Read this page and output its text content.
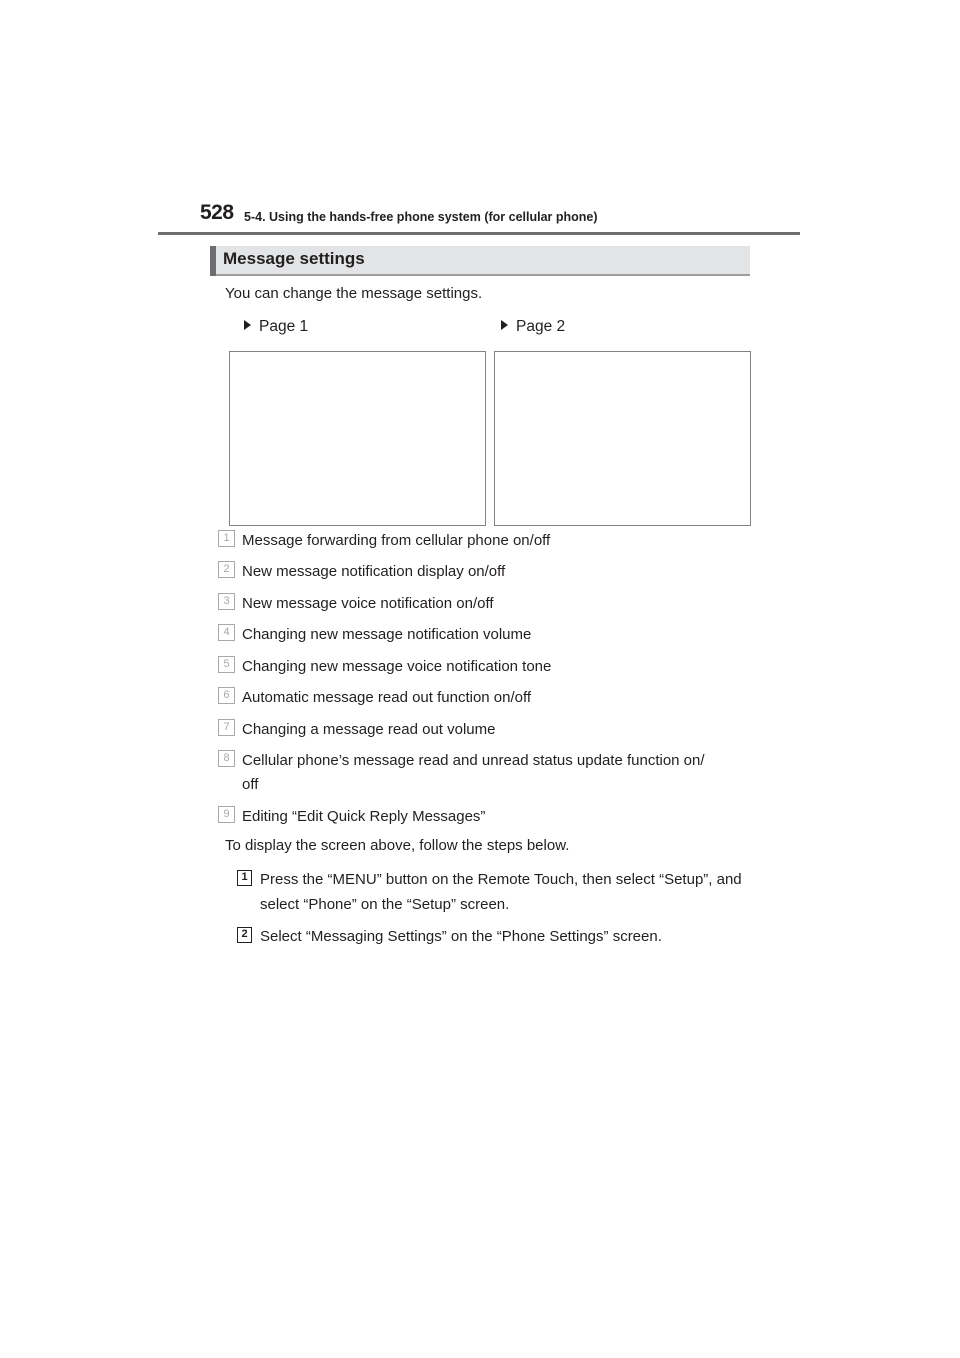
528 5-4. Using the hands-free phone system (for cellular phone)
Message settings
You can change the message settings.
Page 1	Page 2
1 Message forwarding from cellular phone on/off
2 New message notification display on/off
3 New message voice notification on/off
4 Changing new message notification volume
5 Changing new message voice notification tone
6 Automatic message read out function on/off
7 Changing a message read out volume
8 Cellular phone’s message read and unread status update function on/
off
9 Editing “Edit Quick Reply Messages”
To display the screen above, follow the steps below.
1 Press the “MENU” button on the Remote Touch, then select “Setup”, and select “Phone” on the “Setup” screen.
2 Select “Messaging Settings” on the “Phone Settings” screen.
